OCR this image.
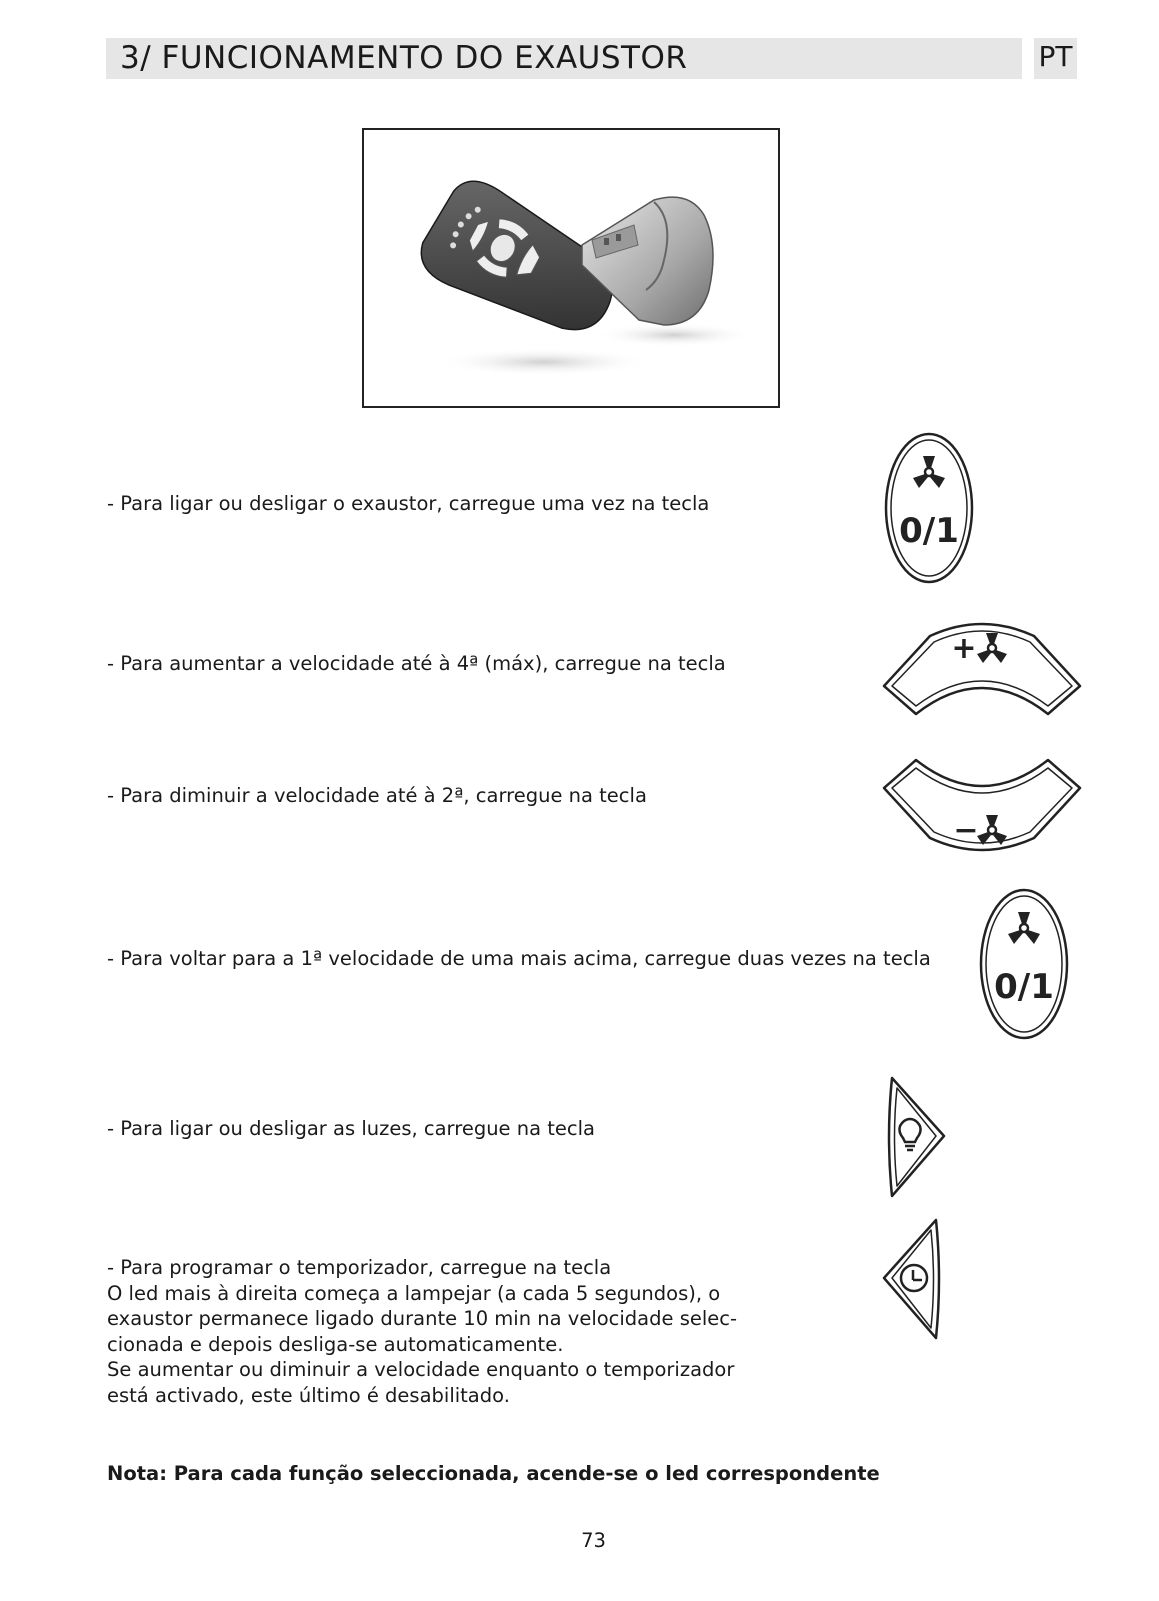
3/ FUNCIONAMENTO DO EXAUSTOR	PT
- Para ligar ou desligar o exaustor, carregue uma vez na tecla
- Para aumentar a velocidade até à 4ª (máx), carregue na tecla
- Para diminuir a velocidade até à 2ª, carregue na tecla
- Para voltar para a 1ª velocidade de uma mais acima, carregue duas vezes na tecla
- Para ligar ou desligar as luzes, carregue na tecla
- Para programar o temporizador, carregue na tecla
O led mais à direita começa a lampejar (a cada 5 segundos), o
exaustor permanece ligado durante 10 min na velocidade selec-
cionada e depois desliga-se automaticamente.
Se aumentar ou diminuir a velocidade enquanto o temporizador
está activado, este último é desabilitado.
Nota: Para cada função seleccionada, acende-se o led correspondente
73
0/1
+
−
0/1
